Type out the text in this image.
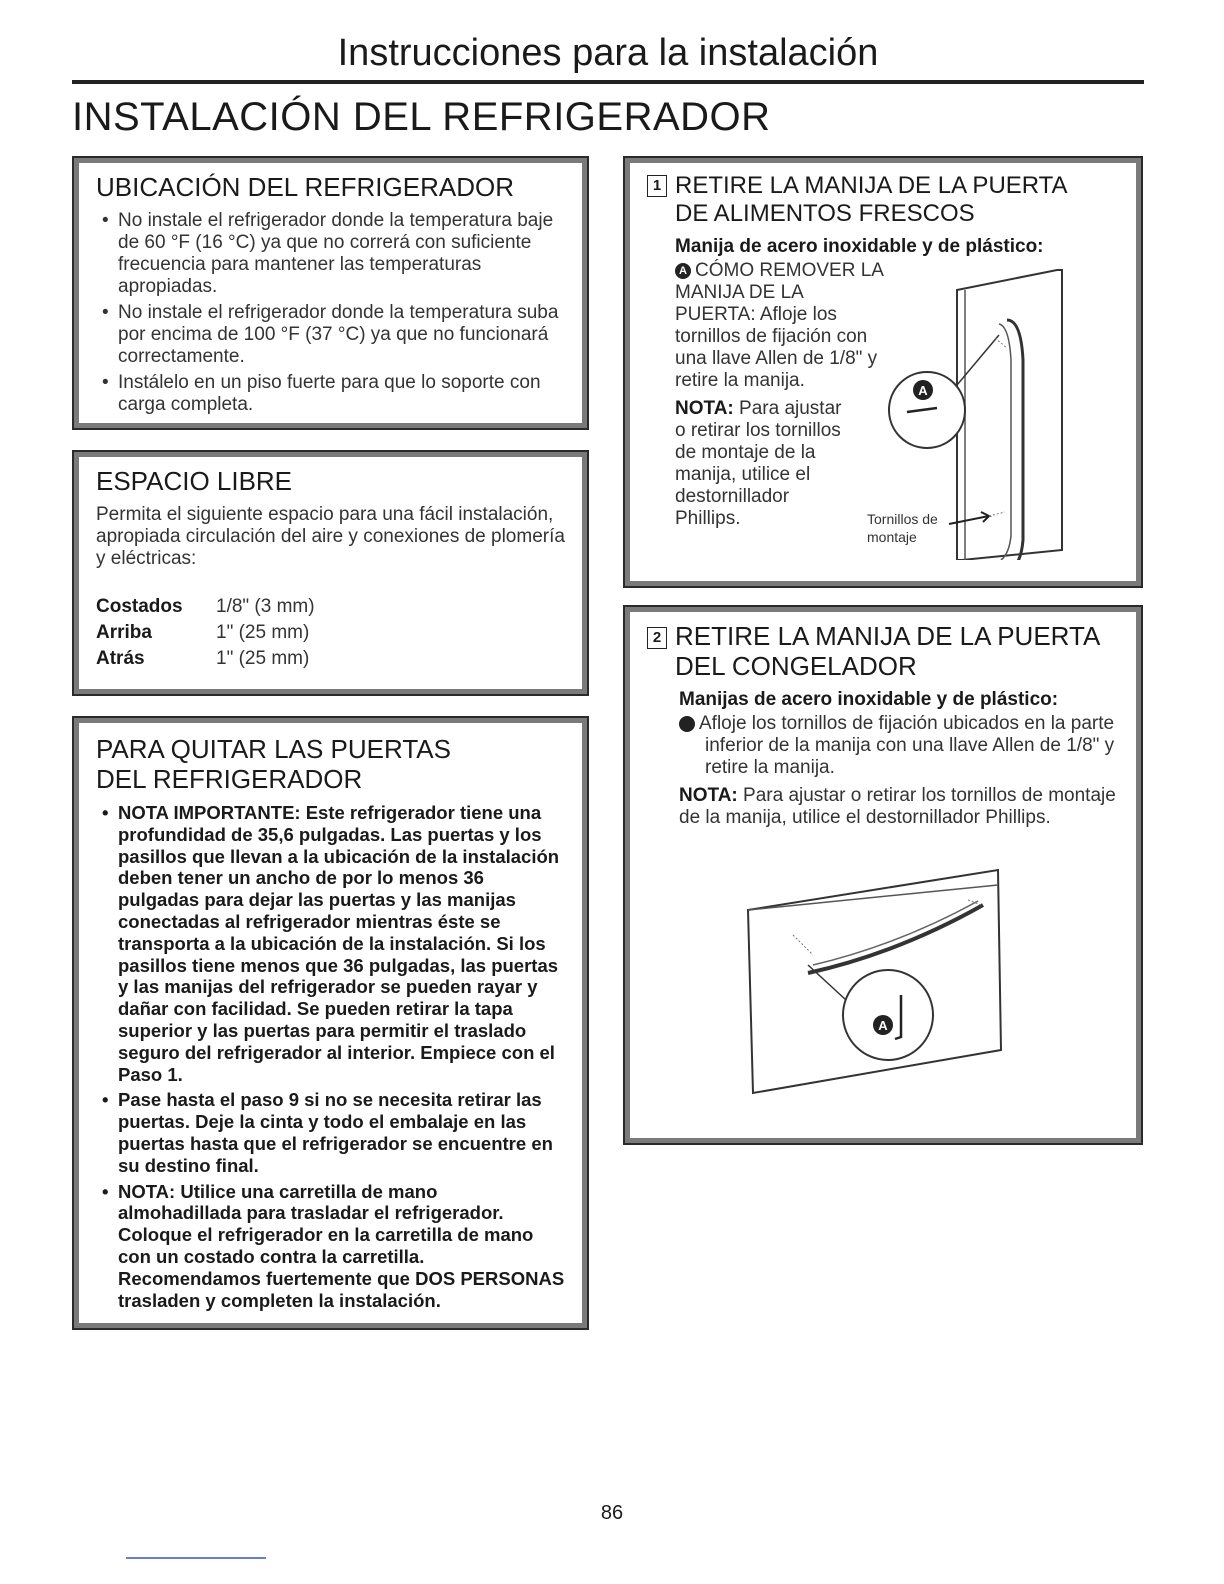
Instrucciones para la instalación
INSTALACIÓN DEL REFRIGERADOR
UBICACIÓN DEL REFRIGERADOR
• No instale el refrigerador donde la temperatura baje de 60 °F (16 °C) ya que no correrá con suficiente frecuencia para mantener las temperaturas apropiadas.
• No instale el refrigerador donde la temperatura suba por encima de 100 °F (37 °C) ya que no funcionará correctamente.
• Instálelo en un piso fuerte para que lo soporte con carga completa.
ESPACIO LIBRE

Permita el siguiente espacio para una fácil instalación, apropiada circulación del aire y conexiones de plomería y eléctricas:

Costados	1/8" (3 mm)
Arriba	1" (25 mm)
Atrás	1" (25 mm)
PARA QUITAR LAS PUERTAS
DEL REFRIGERADOR
• NOTA IMPORTANTE: Este refrigerador tiene una profundidad de 35,6 pulgadas. Las puertas y los pasillos que llevan a la ubicación de la instalación deben tener un ancho de por lo menos 36 pulgadas para dejar las puertas y las manijas conectadas al refrigerador mientras éste se transporta a la ubicación de la instalación. Si los pasillos tiene menos que 36 pulgadas, las puertas y las manijas del refrigerador se pueden rayar y dañar con facilidad. Se pueden retirar la tapa superior y las puertas para permitir el traslado seguro del refrigerador al interior. Empiece con el Paso 1.
• Pase hasta el paso 9 si no se necesita retirar las puertas. Deje la cinta y todo el embalaje en las puertas hasta que el refrigerador se encuentre en su destino final.
• NOTA: Utilice una carretilla de mano almohadillada para trasladar el refrigerador. Coloque el refrigerador en la carretilla de mano con un costado contra la carretilla. Recomendamos fuertemente que DOS PERSONAS trasladen y completen la instalación.
1 RETIRE LA MANIJA DE LA PUERTA
DE ALIMENTOS FRESCOS
Manija de acero inoxidable y de plástico:

A CÓMO REMOVER LA MANIJA DE LA PUERTA: Afloje los tornillos de fijación con una llave Allen de 1/8" y retire la manija.

NOTA: Para ajustar o retirar los tornillos de montaje de la manija, utilice el destornillador Phillips.

A
Tornillos de
montaje
2 RETIRE LA MANIJA DE LA PUERTA
DEL CONGELADOR
Manijas de acero inoxidable y de plástico:

A Afloje los tornillos de fijación ubicados en la parte inferior de la manija con una llave Allen de 1/8" y retire la manija.

NOTA: Para ajustar o retirar los tornillos de montaje de la manija, utilice el destornillador Phillips.

A
86
